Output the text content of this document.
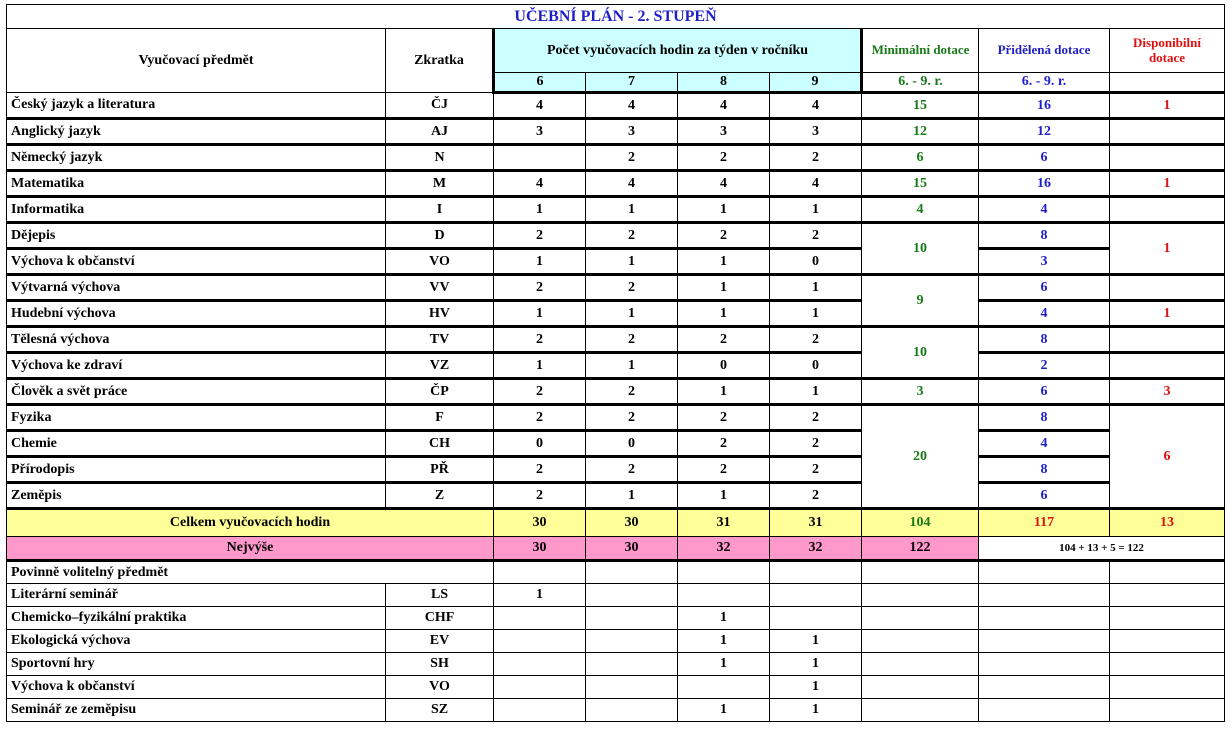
UČEBNÍ PLÁN - 2. STUPEŇ								
Vyučovací předmět	Zkratka	Počet vyučovacích hodin za týden v ročníku				Minimální dotace	Přidělená dotace	Disponibilní dotace
		6	7	8	9	6. - 9. r.	6. - 9. r.	
Český jazyk a literatura	ČJ	4	4	4	4	15	16	1
Anglický jazyk	AJ	3	3	3	3	12	12	
Německý jazyk	N		2	2	2	6	6	
Matematika	M	4	4	4	4	15	16	1
Informatika	I	1	1	1	1	4	4	
Dějepis	D	2	2	2	2	10	8	1
Výchova k občanství	VO	1	1	1	0		3	
Výtvarná výchova	VV	2	2	1	1	9	6	
Hudební výchova	HV	1	1	1	1		4	1
Tělesná výchova	TV	2	2	2	2	10	8	
Výchova ke zdraví	VZ	1	1	0	0		2	
Člověk a svět práce	ČP	2	2	1	1	3	6	3
Fyzika	F	2	2	2	2	20	8	6
Chemie	CH	0	0	2	2		4	
Přírodopis	PŘ	2	2	2	2		8	
Zeměpis	Z	2	1	1	2		6	
Celkem vyučovacích hodin		30	30	31	31	104	117	13
Nejvýše		30	30	32	32	122	104 + 13 + 5 = 122	
Povinně volitelný předmět								
Literární seminář	LS	1						
Chemicko–fyzikální praktika	CHF			1				
Ekologická výchova	EV			1	1			
Sportovní hry	SH			1	1			
Výchova k občanství	VO				1			
Seminář ze zeměpisu	SZ			1	1			
